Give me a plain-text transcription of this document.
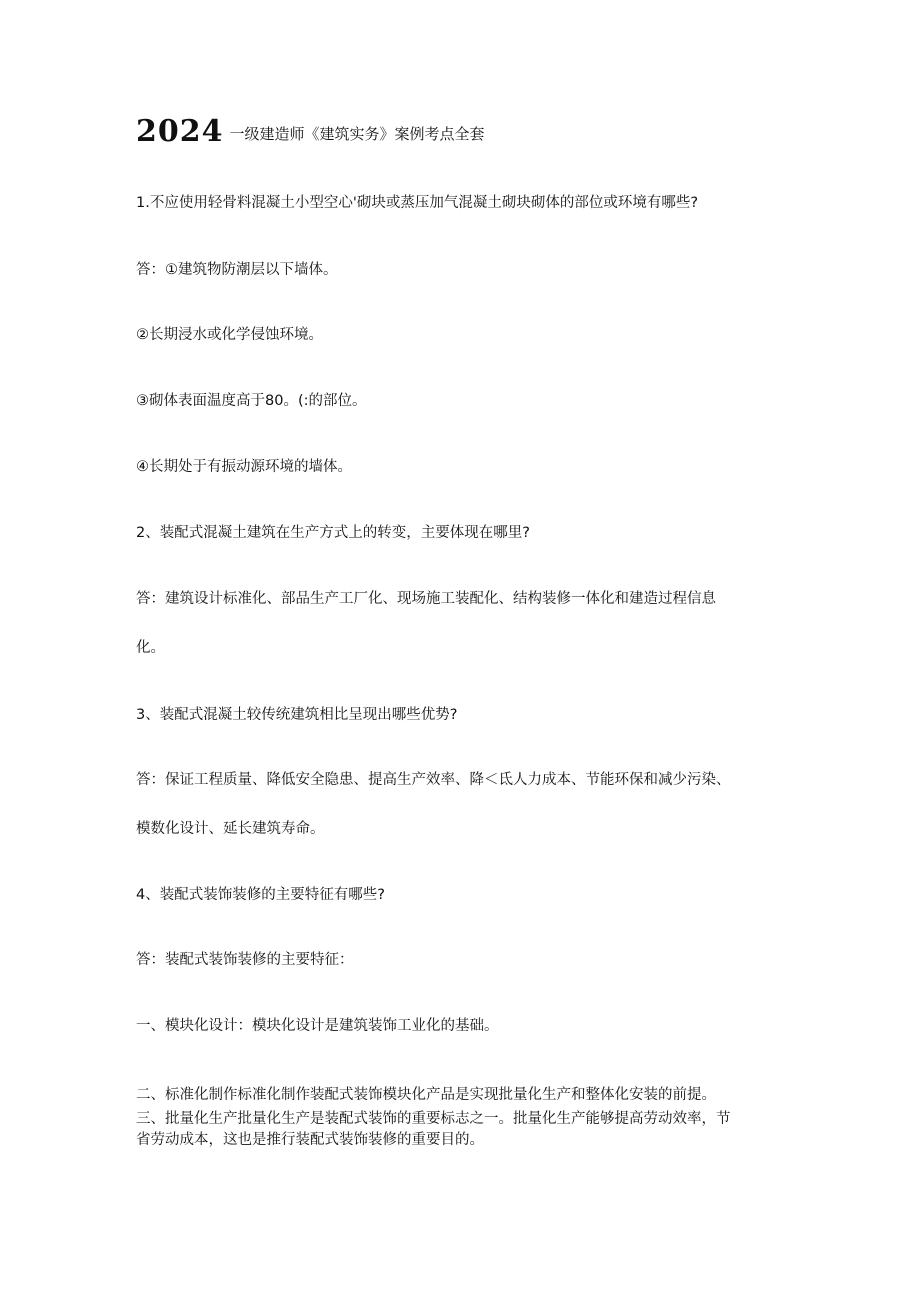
2024 一级建造师《建筑实务》案例考点全套
1.不应使用轻骨料混凝土小型空心'砌块或蒸压加气混凝土砌块砌体的部位或环境有哪些?
答：①建筑物防潮层以下墙体。
②长期浸水或化学侵蚀环境。
③砌体表面温度高于80。(:的部位。
④长期处于有振动源环境的墙体。
2、装配式混凝土建筑在生产方式上的转变，主要体现在哪里?
答：建筑设计标准化、部品生产工厂化、现场施工装配化、结构装修一体化和建造过程信息
化。
3、装配式混凝土较传统建筑相比呈现出哪些优势?
答：保证工程质量、降低安全隐患、提高生产效率、降＜氐人力成本、节能环保和减少污染、
模数化设计、延长建筑寿命。
4、装配式装饰装修的主要特征有哪些?
答：装配式装饰装修的主要特征：
一、模块化设计：模块化设计是建筑装饰工业化的基础。
二、标准化制作标准化制作装配式装饰模块化产品是实现批量化生产和整体化安装的前提。
三、批量化生产批量化生产是装配式装饰的重要标志之一。批量化生产能够提高劳动效率，节
省劳动成本，这也是推行装配式装饰装修的重要目的。
